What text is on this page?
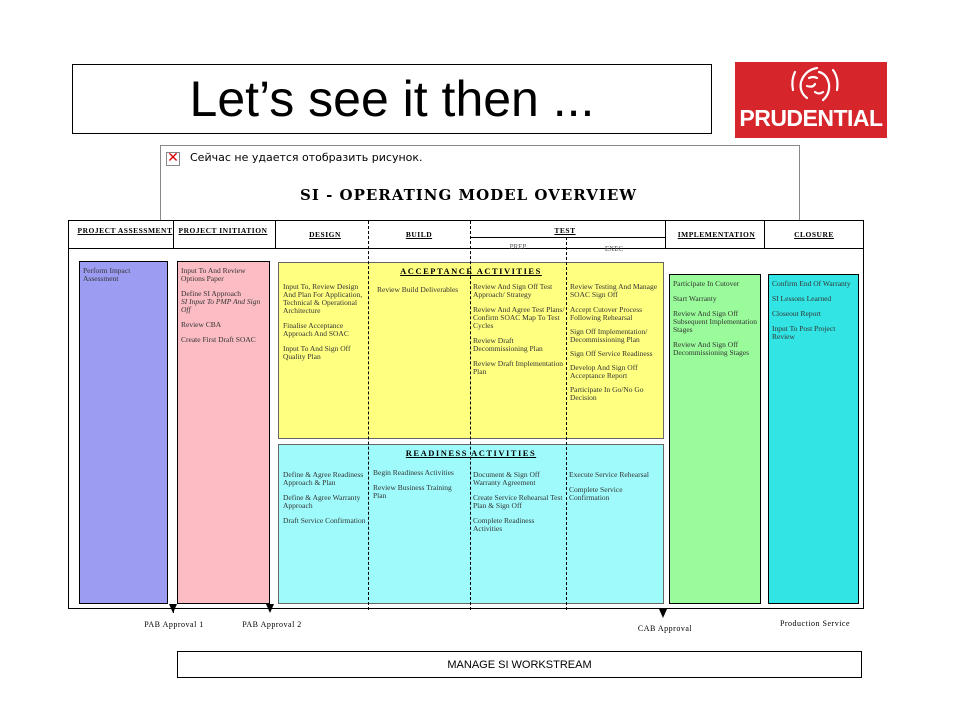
Let’s see it then ...	PRUDENTIAL
✕ Сейчас не удается отобразить рисунок.
SI - OPERATING MODEL OVERVIEW
PROJECT ASSESSMENT PROJECT INITIATION	DESIGN	BUILD	TEST
PREP	EXEC
IMPLEMENTATION	CLOSURE
Perform Impact Assessment
Input To And Review Options Paper
Define SI Approach
SI Input To PMP And Sign Off
Review CBA
Create First Draft SOAC
ACCEPTANCE ACTIVITIES
Input To, Review Design And Plan For Application, Technical & Operational Architecture
Finalise Acceptance Approach And SOAC
Input To And Sign Off Quality Plan
Review Build Deliverables	Review And Sign Off Test Approach/ Strategy
Review And Agree Test Plans/ Confirm SOAC Map To Test Cycles
Review Draft Decommissioning Plan
Review Draft Implementation Plan
Review Testing And Manage SOAC Sign Off
Accept Cutover Process Following Rehearsal
Sign Off Implementation/ Decommissioning Plan
Sign Off Service Readiness
Develop And Sign Off Acceptance Report
Participate In Go/No Go Decision
READINESS ACTIVITIES
Define & Agree Readiness Approach & Plan
Define & Agree Warranty Approach
Draft Service Confirmation
Begin Readiness Activities
Review Business Training Plan
Document & Sign Off Warranty Agreement
Create Service Rehearsal Test Plan & Sign Off
Complete Readiness Activities
Execute Service Rehearsal
Complete Service Confirmation
Participate In Cutover
Start Warranty
Review And Sign Off Subsequent Implementation Stages
Review And Sign Off Decommissioning Stages
Confirm End Of Warranty
SI Lessons Learned
Closeout Report
Input To Post Project Review
PAB Approval 1	PAB Approval 2	CAB Approval
Production Service
MANAGE SI WORKSTREAM
